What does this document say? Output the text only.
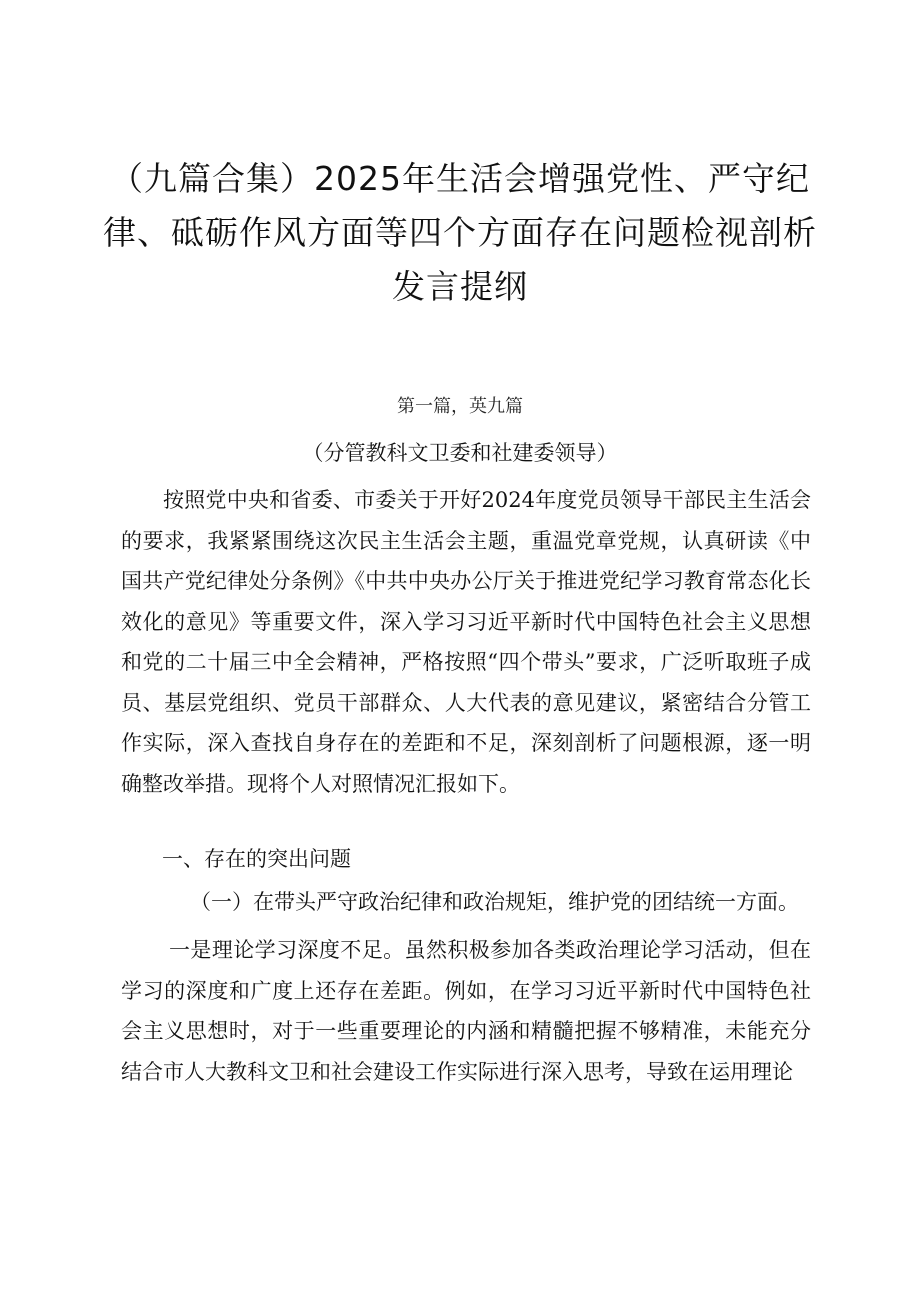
（九篇合集）2025年生活会增强党性、严守纪律、砥砺作风方面等四个方面存在问题检视剖析发言提纲
第一篇，英九篇
（分管教科文卫委和社建委领导）
按照党中央和省委、市委关于开好2024年度党员领导干部民主生活会的要求，我紧紧围绕这次民主生活会主题，重温党章党规，认真研读《中国共产党纪律处分条例》《中共中央办公厅关于推进党纪学习教育常态化长效化的意见》等重要文件，深入学习习近平新时代中国特色社会主义思想和党的二十届三中全会精神，严格按照“四个带头”要求，广泛听取班子成员、基层党组织、党员干部群众、人大代表的意见建议，紧密结合分管工作实际，深入查找自身存在的差距和不足，深刻剖析了问题根源，逐一明确整改举措。现将个人对照情况汇报如下。
一、存在的突出问题
（一）在带头严守政治纪律和政治规矩，维护党的团结统一方面。
一是理论学习深度不足。虽然积极参加各类政治理论学习活动，但在学习的深度和广度上还存在差距。例如，在学习习近平新时代中国特色社会主义思想时，对于一些重要理论的内涵和精髓把握不够精准，未能充分结合市人大教科文卫和社会建设工作实际进行深入思考，导致在运用理论
